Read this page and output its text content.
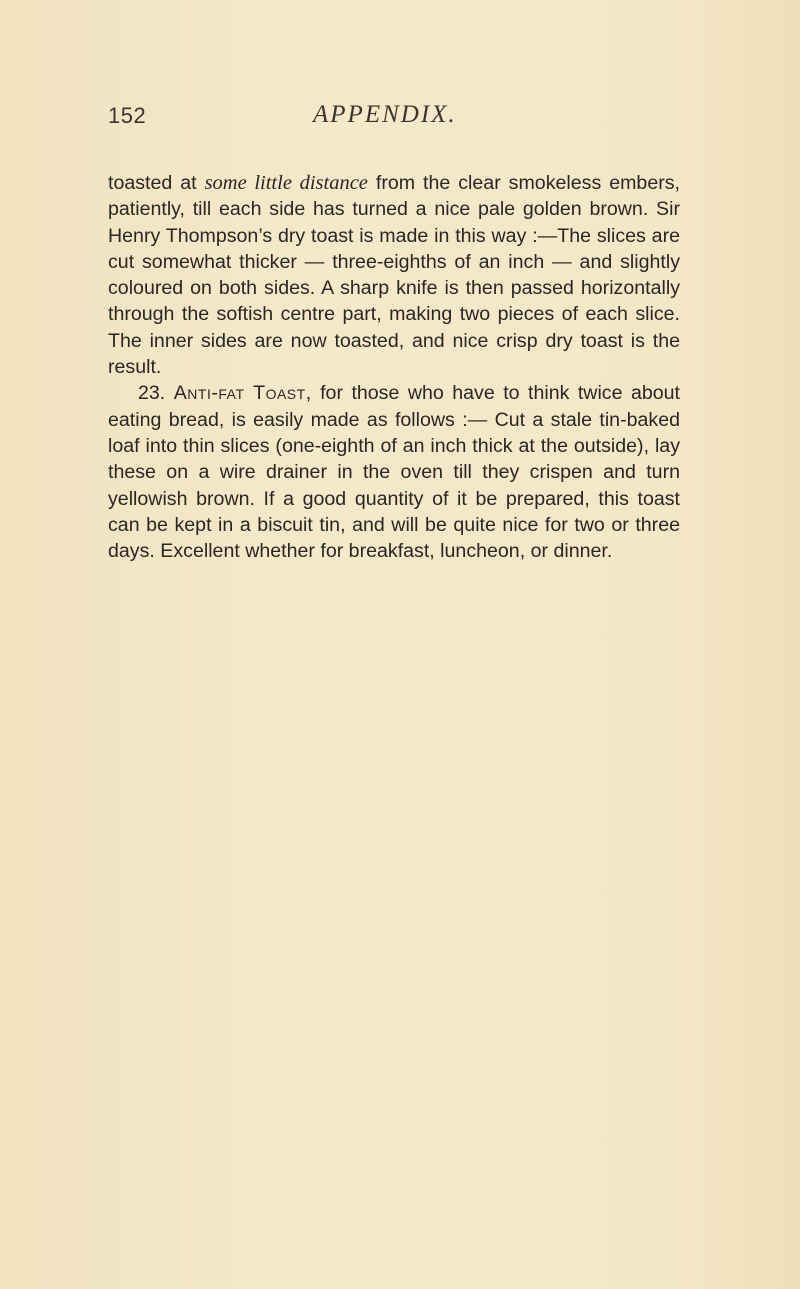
152	APPENDIX.

toasted at some little distance from the clear smokeless embers, patiently, till each side has turned a nice pale golden brown. Sir Henry Thompson’s dry toast is made in this way :—The slices are cut somewhat thicker — three-eighths of an inch — and slightly coloured on both sides. A sharp knife is then passed horizontally through the softish centre part, making two pieces of each slice. The inner sides are now toasted, and nice crisp dry toast is the result.

23. Anti-fat Toast, for those who have to think twice about eating bread, is easily made as follows :— Cut a stale tin-baked loaf into thin slices (one-eighth of an inch thick at the outside), lay these on a wire drainer in the oven till they crispen and turn yellowish brown. If a good quantity of it be prepared, this toast can be kept in a biscuit tin, and will be quite nice for two or three days. Excellent whether for breakfast, luncheon, or dinner.
